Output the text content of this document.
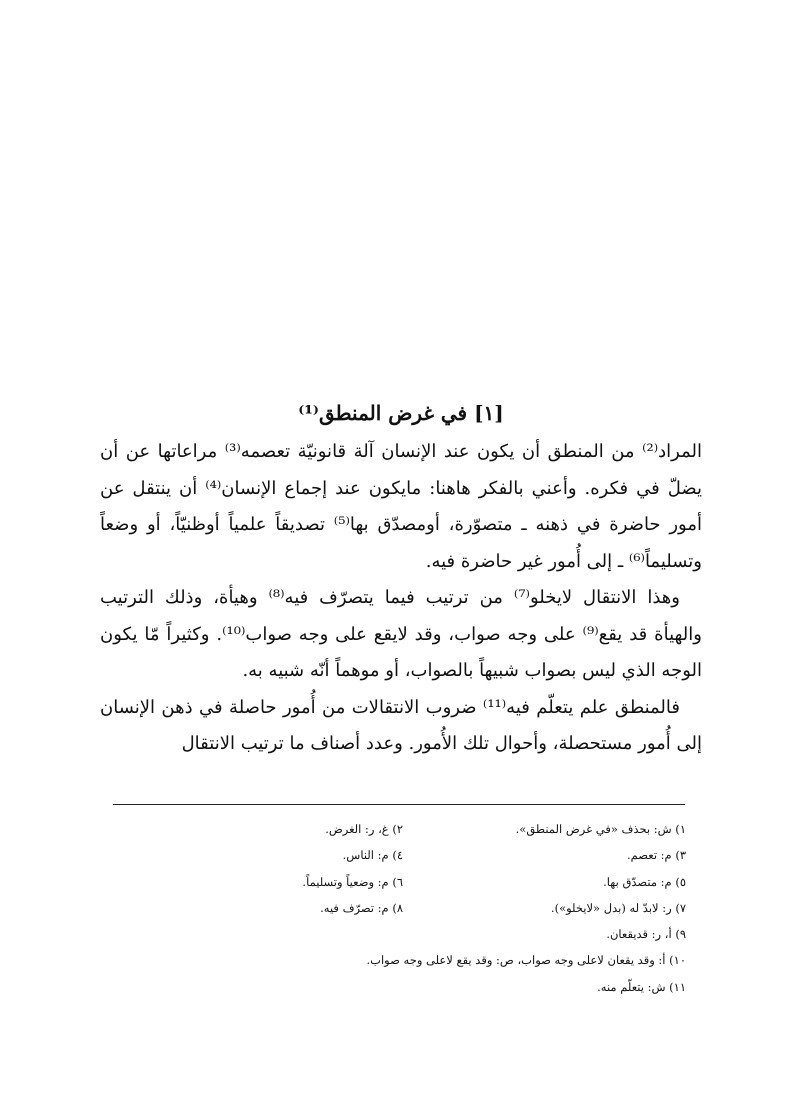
[١] في غرض المنطق⁽¹⁾

المراد⁽²⁾ من المنطق أن يكون عند الإنسان آلة قانونيّة تعصمه⁽³⁾ مراعاتها عن أن يضلّ في فكره. وأعني بالفكر هاهنا: مايكون عند إجماع الإنسان⁽⁴⁾ أن ينتقل عن أمور حاضرة في ذهنه ـ متصوّرة، أومصدّق بها⁽⁵⁾ تصديقاً علمياً أوظنيّاً، أو وضعاً وتسليماً⁽⁶⁾ ـ إلى أُمور غير حاضرة فيه.

وهذا الانتقال لايخلو⁽⁷⁾ من ترتيب فيما يتصرّف فيه⁽⁸⁾ وهيأة، وذلك الترتيب والهيأة قد يقع⁽⁹⁾ على وجه صواب، وقد لايقع على وجه صواب⁽¹⁰⁾. وكثيراً مّا يكون الوجه الذي ليس بصواب شبيهاً بالصواب، أو موهماً أنّه شبيه به.

فالمنطق علم يتعلّم فيه⁽¹¹⁾ ضروب الانتقالات من أُمور حاصلة في ذهن الإنسان إلى أُمور مستحصلة، وأحوال تلك الأُمور. وعدد أصناف ما ترتيب الانتقال

١) ش: بحذف «في غرض المنطق».
٢) غ، ر: الغرض.
٣) م: تعصم.
٤) م: الناس.
٥) م: متصدّق بها.
٦) م: وضعياً وتسليماً.
٧) ر: لابدّ له (بدل «لايخلو»).
٨) م: تصرّف فيه.
٩) أ، ر: قديقعان.
١٠) أ: وقد يقعان لاعلى وجه صواب، ص: وقد يقع لاعلى وجه صواب.
١١) ش: يتعلّم منه.
